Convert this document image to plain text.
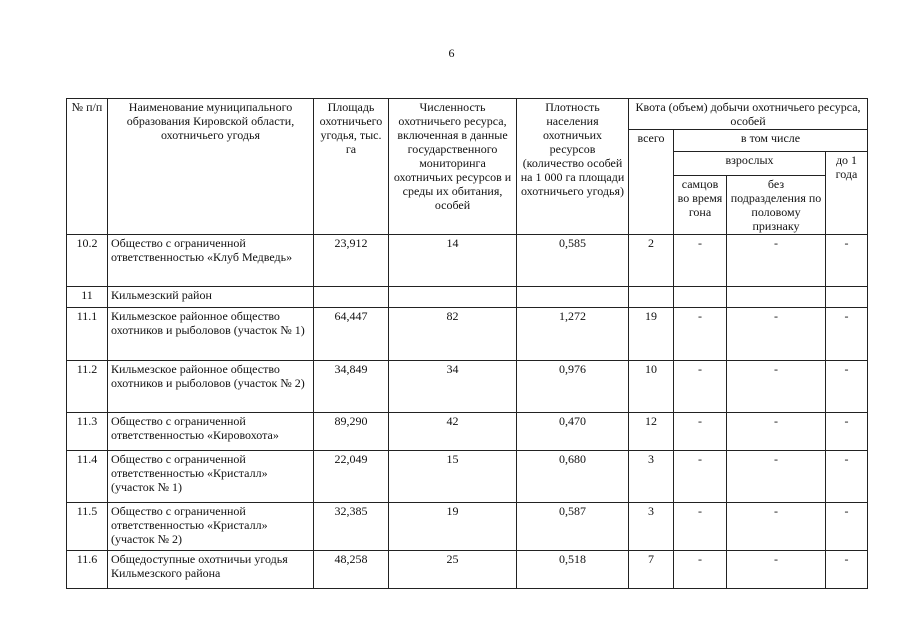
6
№ п/п	Наименование муниципального образования Кировской области, охотничьего угодья	Площадь охотничьего угодья, тыс. га	Численность охотничьего ресурса, включенная в данные государственного мониторинга охотничьих ресурсов и среды их обитания, особей	Плотность населения охотничьих ресурсов (количество особей на 1 000 га площади охотничьего угодья)	Квота (объем) добычи охотничьего ресурса, особей			
					всего	в том числе		
						взрослых		до 1 года
						самцов во время гона	без подразделения по половому признаку	
10.2	Общество с ограниченной ответственностью «Клуб Медведь»	23,912	14	0,585	2	-	-	-
11	Кильмезский район							
11.1	Кильмезское районное общество охотников и рыболовов (участок № 1)	64,447	82	1,272	19	-	-	-
11.2	Кильмезское районное общество охотников и рыболовов (участок № 2)	34,849	34	0,976	10	-	-	-
11.3	Общество с ограниченной ответственностью «Кировохота»	89,290	42	0,470	12	-	-	-
11.4	Общество с ограниченной ответственностью «Кристалл» (участок № 1)	22,049	15	0,680	3	-	-	-
11.5	Общество с ограниченной ответственностью «Кристалл» (участок № 2)	32,385	19	0,587	3	-	-	-
11.6	Общедоступные охотничьи угодья Кильмезского района	48,258	25	0,518	7	-	-	-
